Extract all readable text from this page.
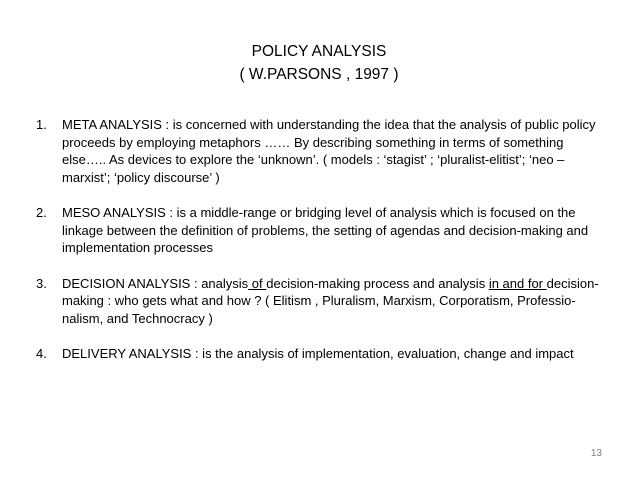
POLICY ANALYSIS
( W.PARSONS , 1997 )
1.	META ANALYSIS : is concerned with understanding the idea that the analysis of public policy proceeds by employing metaphors …… By describing something in terms of something else….. As devices to explore the ‘unknown’. ( models : ‘stagist’ ; ‘pluralist-elitist’; ‘neo –marxist’; ‘policy discourse’ )
2.	MESO ANALYSIS : is a middle-range or bridging level of analysis which is focused on the linkage between the definition of problems, the setting of agendas and decision-making and implementation processes
3.	DECISION ANALYSIS : analysis of decision-making process and analysis in and for decision-making : who gets what and how ? ( Elitism , Pluralism, Marxism, Corporatism, Professio-nalism, and Technocracy )
4.	DELIVERY ANALYSIS : is the analysis of implementation, evaluation, change and impact
13
